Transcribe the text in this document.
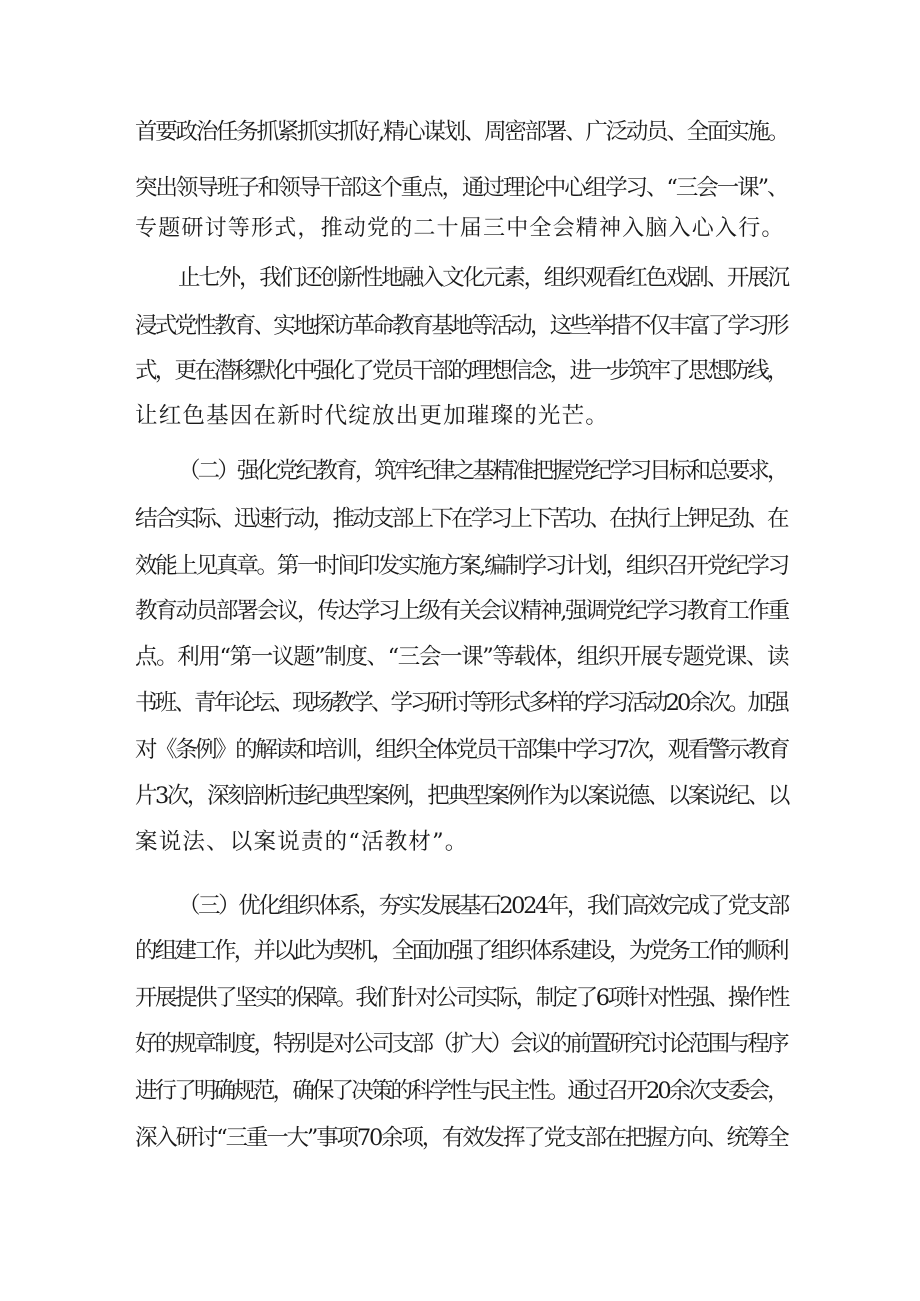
首要政治任务抓紧抓实抓好,精心谋划、周密部署、广泛动员、全面实施。
突出领导班子和领导干部这个重点，通过理论中心组学习、“三会一课”、
专题研讨等形式，推动党的二十届三中全会精神入脑入心入行。
止七外，我们还创新性地融入文化元素，组织观看红色戏剧、开展沉
浸式党性教育、实地探访革命教育基地等活动，这些举措不仅丰富了学习形
式，更在潜移默化中强化了党员干部的理想信念，进一步筑牢了思想防线，
让红色基因在新时代绽放出更加璀璨的光芒。
（二）强化党纪教育，筑牢纪律之基精准把握党纪学习目标和总要求，
结合实际、迅速行动，推动支部上下在学习上下苦功、在执行上钾足劲、在
效能上见真章。第一时间印发实施方案,编制学习计划，组织召开党纪学习
教育动员部署会议，传达学习上级有关会议精神,强调党纪学习教育工作重
点。利用“第一议题”制度、“三会一课”等载体，组织开展专题党课、读
书班、青年论坛、现场教学、学习研讨等形式多样的学习活动20余次。加强
对《条例》的解读和培训，组织全体党员干部集中学习7次，观看警示教育
片3次，深刻剖析违纪典型案例，把典型案例作为以案说德、以案说纪、以
案说法、以案说责的“活教材”。
（三）优化组织体系，夯实发展基石2024年，我们高效完成了党支部
的组建工作，并以此为契机，全面加强了组织体系建设，为党务工作的顺利
开展提供了坚实的保障。我们针对公司实际，制定了6项针对性强、操作性
好的规章制度，特别是对公司支部（扩大）会议的前置研究讨论范围与程序
进行了明确规范，确保了决策的科学性与民主性。通过召开20余次支委会，
深入研讨“三重一大”事项70余项，有效发挥了党支部在把握方向、统筹全
